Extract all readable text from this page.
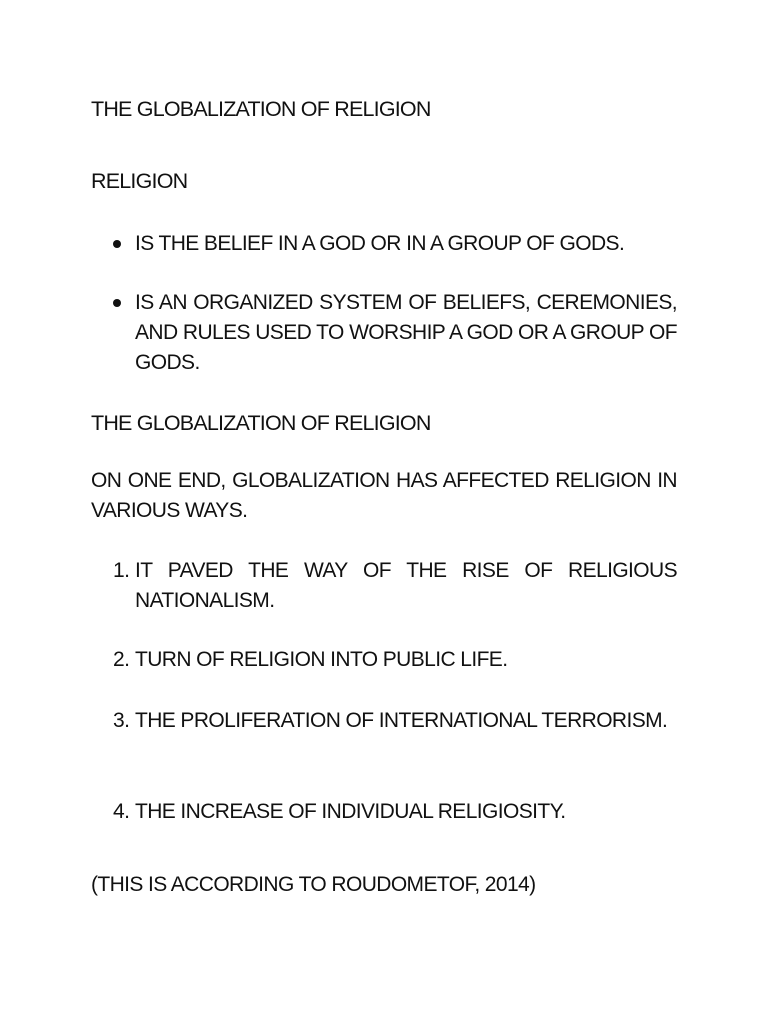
THE GLOBALIZATION OF RELIGION
RELIGION
IS THE BELIEF IN A GOD OR IN A GROUP OF GODS.
IS AN ORGANIZED SYSTEM OF BELIEFS, CEREMONIES, AND RULES USED TO WORSHIP A GOD OR A GROUP OF GODS.
THE GLOBALIZATION OF RELIGION
ON ONE END, GLOBALIZATION HAS AFFECTED RELIGION IN VARIOUS WAYS.
1. IT PAVED THE WAY OF THE RISE OF RELIGIOUS NATIONALISM.
2. TURN OF RELIGION INTO PUBLIC LIFE.
3. THE PROLIFERATION OF INTERNATIONAL TERRORISM.
4. THE INCREASE OF INDIVIDUAL RELIGIOSITY.
(THIS IS ACCORDING TO ROUDOMETOF, 2014)
